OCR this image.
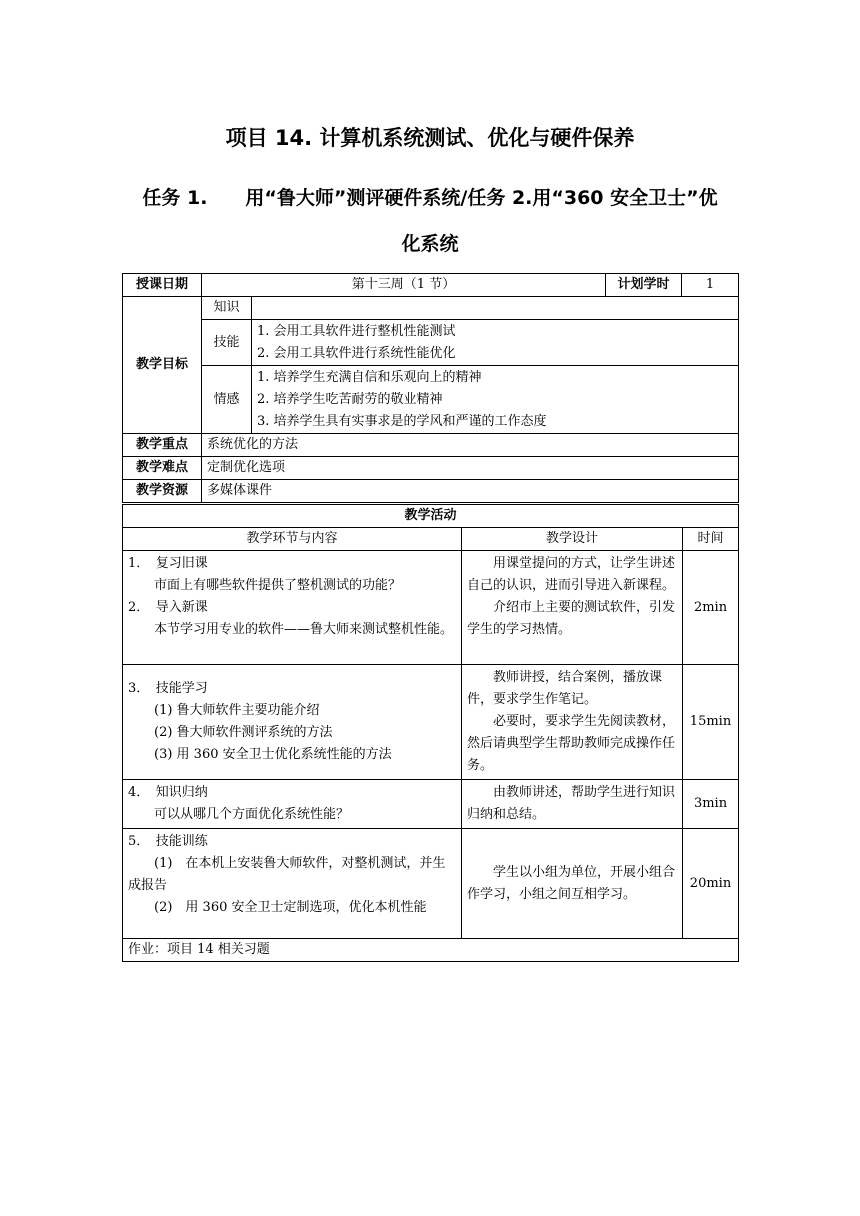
项目 14. 计算机系统测试、优化与硬件保养
任务 1.　　用“鲁大师”测评硬件系统/任务 2.用“360 安全卫士”优
化系统
授课日期	第十三周（1 节）		计划学时	1
教学目标	知识			
	技能	1. 会用工具软件进行整机性能测试
2. 会用工具软件进行系统性能优化		

	情感	1. 培养学生充满自信和乐观向上的精神
2. 培养学生吃苦耐劳的敬业精神
3. 培养学生具有实事求是的学风和严谨的工作态度		

教学重点	系统优化的方法			
教学难点	定制优化选项			
教学资源	多媒体课件			
教学活动		
教学环节与内容	教学设计	时间

1．　复习旧课
市面上有哪些软件提供了整机测试的功能？
2．　导入新课
本节学习用专业的软件——鲁大师来测试整机性能。	用课堂提问的方式，让学生讲述自己的认识，进而引导进入新课程。
介绍市上主要的测试软件，引发学生的学习热情。	2min

3．　技能学习
(1) 鲁大师软件主要功能介绍
(2) 鲁大师软件测评系统的方法
(3) 用 360 安全卫士优化系统性能的方法	教师讲授，结合案例，播放课件，要求学生作笔记。
必要时，要求学生先阅读教材，然后请典型学生帮助教师完成操作任务。	15min

4．　知识归纳
可以从哪几个方面优化系统性能？	由教师讲述，帮助学生进行知识归纳和总结。	3min

5．　技能训练
(1)　在本机上安装鲁大师软件，对整机测试，并生成报告
(2)　用 360 安全卫士定制选项，优化本机性能	学生以小组为单位，开展小组合作学习，小组之间互相学习。	20min
作业：项目 14 相关习题		
